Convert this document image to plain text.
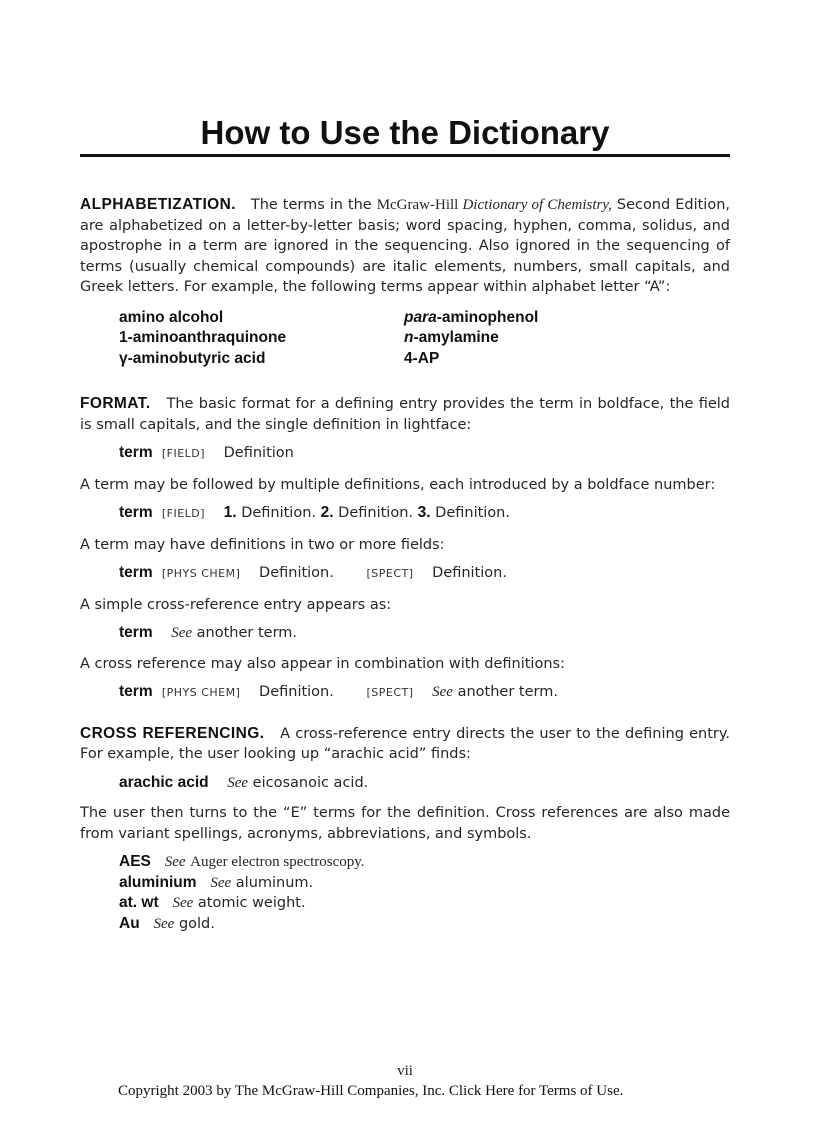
How to Use the Dictionary

ALPHABETIZATION. The terms in the McGraw-Hill Dictionary of Chemistry, Second Edition, are alphabetized on a letter-by-letter basis; word spacing, hyphen, comma, solidus, and apostrophe in a term are ignored in the sequencing. Also ignored in the sequencing of terms (usually chemical compounds) are italic elements, numbers, small capitals, and Greek letters. For example, the following terms appear within alphabet letter “A”:

amino alcohol	para-aminophenol
1-aminoanthraquinone	n-amylamine
γ-aminobutyric acid	4-AP

FORMAT. The basic format for a defining entry provides the term in boldface, the field is small capitals, and the single definition in lightface:

term [FIELD] Definition

A term may be followed by multiple definitions, each introduced by a boldface number:

term [FIELD] 1. Definition. 2. Definition. 3. Definition.

A term may have definitions in two or more fields:

term [PHYS CHEM] Definition.	[SPECT] Definition.

A simple cross-reference entry appears as:

term See another term.

A cross reference may also appear in combination with definitions:

term [PHYS CHEM] Definition.	[SPECT] See another term.

CROSS REFERENCING. A cross-reference entry directs the user to the defining entry. For example, the user looking up “arachic acid” finds:

arachic acid See eicosanoic acid.

The user then turns to the “E” terms for the definition. Cross references are also made from variant spellings, acronyms, abbreviations, and symbols.

AES See Auger electron spectroscopy.
aluminium See aluminum.
at. wt See atomic weight.
Au See gold.
vii
Copyright 2003 by The McGraw-Hill Companies, Inc. Click Here for Terms of Use.
